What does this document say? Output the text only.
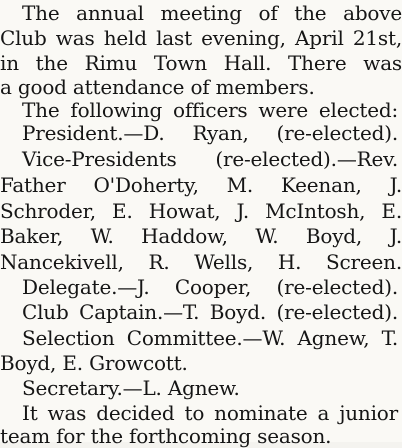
The annual meeting of the above
Club was held last evening, April 21st,
in the Rimu Town Hall. There was
a good attendance of members.
The following officers were elected:
President.—D. Ryan, (re-elected).
Vice-Presidents (re-elected).—Rev.
Father O'Doherty, M. Keenan, J.
Schroder, E. Howat, J. McIntosh, E.
Baker, W. Haddow, W. Boyd, J.
Nancekivell, R. Wells, H. Screen.
Delegate.—J. Cooper, (re-elected).
Club Captain.—T. Boyd. (re-elected).
Selection Committee.—W. Agnew, T.
Boyd, E. Growcott.
Secretary.—L. Agnew.
It was decided to nominate a junior
team for the forthcoming season.
